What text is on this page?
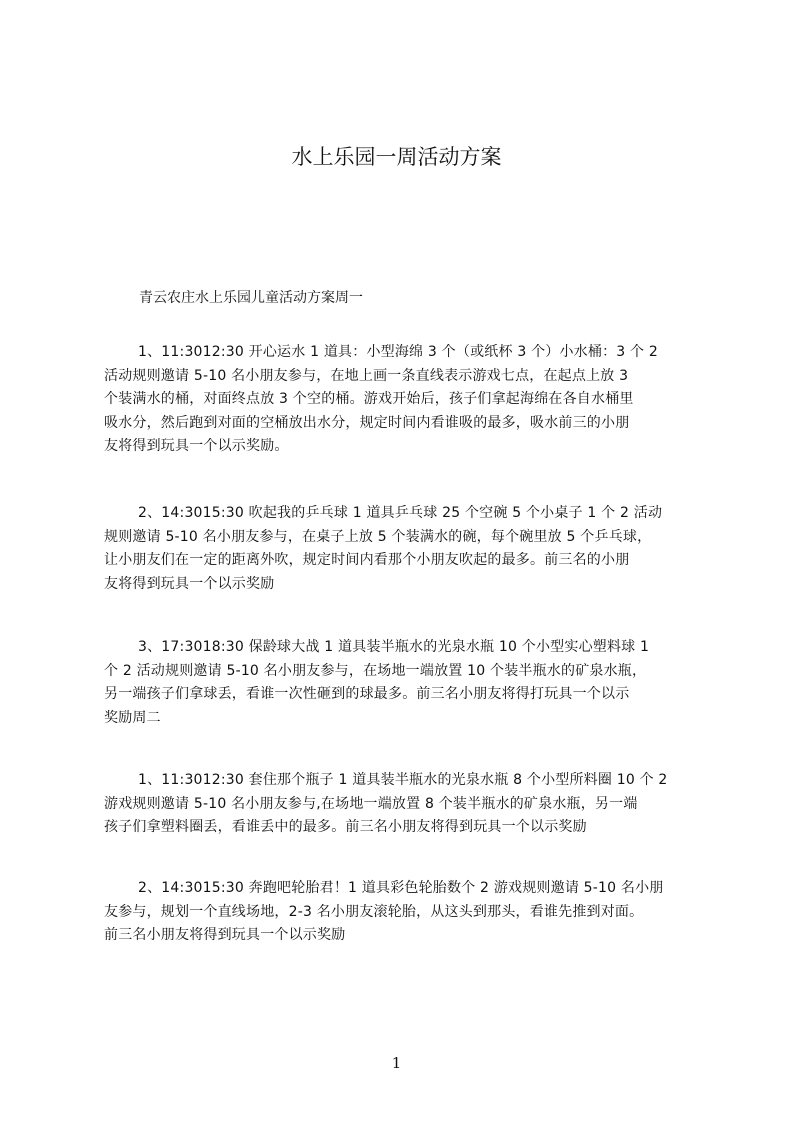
水上乐园一周活动方案
青云农庄水上乐园儿童活动方案周一
1、11:3012:30 开心运水 1 道具：小型海绵 3 个（或纸杯 3 个）小水桶：3 个 2
活动规则邀请 5-10 名小朋友参与，在地上画一条直线表示游戏七点，在起点上放 3
个装满水的桶，对面终点放 3 个空的桶。游戏开始后，孩子们拿起海绵在各自水桶里
吸水分，然后跑到对面的空桶放出水分，规定时间内看谁吸的最多，吸水前三的小朋
友将得到玩具一个以示奖励。
2、14:3015:30 吹起我的乒乓球 1 道具乒乓球 25 个空碗 5 个小桌子 1 个 2 活动
规则邀请 5-10 名小朋友参与，在桌子上放 5 个装满水的碗，每个碗里放 5 个乒乓球，
让小朋友们在一定的距离外吹，规定时间内看那个小朋友吹起的最多。前三名的小朋
友将得到玩具一个以示奖励
3、17:3018:30 保龄球大战 1 道具装半瓶水的光泉水瓶 10 个小型实心塑料球 1
个 2 活动规则邀请 5-10 名小朋友参与，在场地一端放置 10 个装半瓶水的矿泉水瓶，
另一端孩子们拿球丢，看谁一次性砸到的球最多。前三名小朋友将得打玩具一个以示
奖励周二
1、11:3012:30 套住那个瓶子 1 道具装半瓶水的光泉水瓶 8 个小型所料圈 10 个 2
游戏规则邀请 5-10 名小朋友参与,在场地一端放置 8 个装半瓶水的矿泉水瓶，另一端
孩子们拿塑料圈丢，看谁丢中的最多。前三名小朋友将得到玩具一个以示奖励
2、14:3015:30 奔跑吧轮胎君！1 道具彩色轮胎数个 2 游戏规则邀请 5-10 名小朋
友参与，规划一个直线场地，2-3 名小朋友滚轮胎，从这头到那头，看谁先推到对面。
前三名小朋友将得到玩具一个以示奖励
1
